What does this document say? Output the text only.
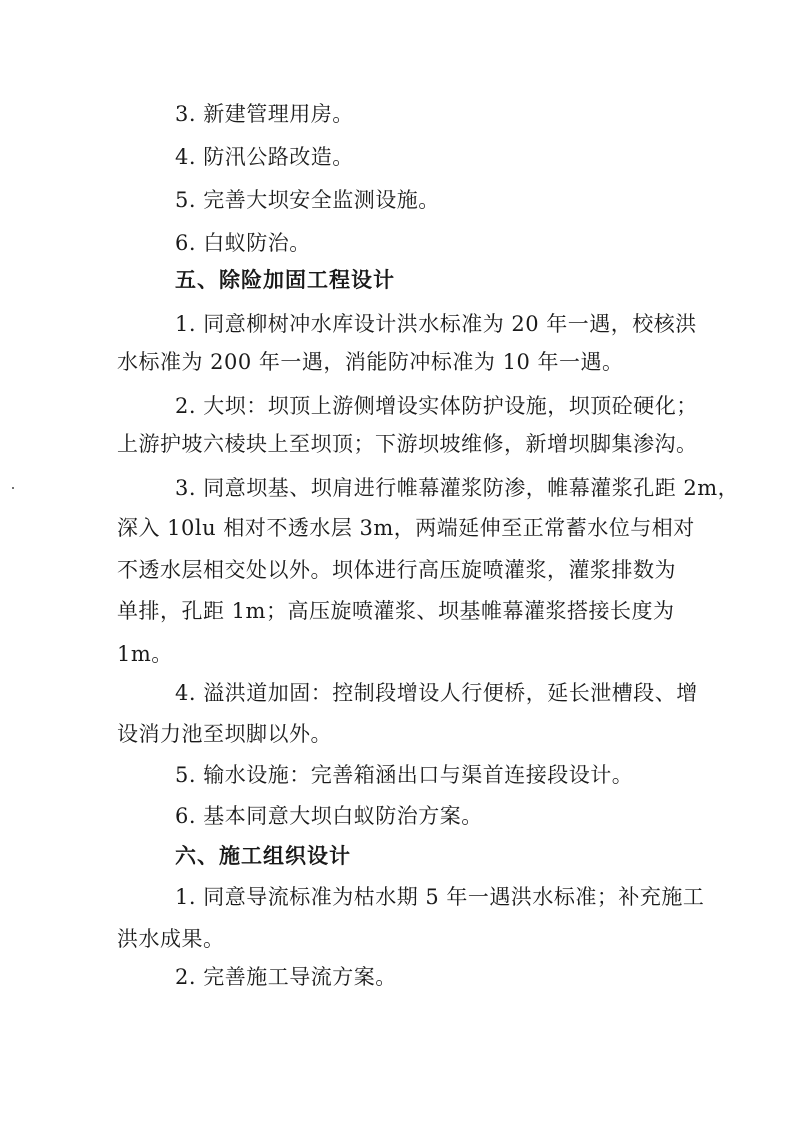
3. 新建管理用房。
4. 防汛公路改造。
5. 完善大坝安全监测设施。
6. 白蚁防治。
五、除险加固工程设计
1. 同意柳树冲水库设计洪水标准为 20 年一遇，校核洪
水标准为 200 年一遇，消能防冲标准为 10 年一遇。
2. 大坝：坝顶上游侧增设实体防护设施，坝顶砼硬化；
上游护坡六棱块上至坝顶；下游坝坡维修，新增坝脚集渗沟。
3. 同意坝基、坝肩进行帷幕灌浆防渗，帷幕灌浆孔距 2m，
深入 10lu 相对不透水层 3m，两端延伸至正常蓄水位与相对
不透水层相交处以外。坝体进行高压旋喷灌浆，灌浆排数为
单排，孔距 1m；高压旋喷灌浆、坝基帷幕灌浆搭接长度为
1m。
4. 溢洪道加固：控制段增设人行便桥，延长泄槽段、增
设消力池至坝脚以外。
5. 输水设施：完善箱涵出口与渠首连接段设计。
6. 基本同意大坝白蚁防治方案。
六、施工组织设计
1. 同意导流标准为枯水期 5 年一遇洪水标准；补充施工
洪水成果。
2. 完善施工导流方案。
